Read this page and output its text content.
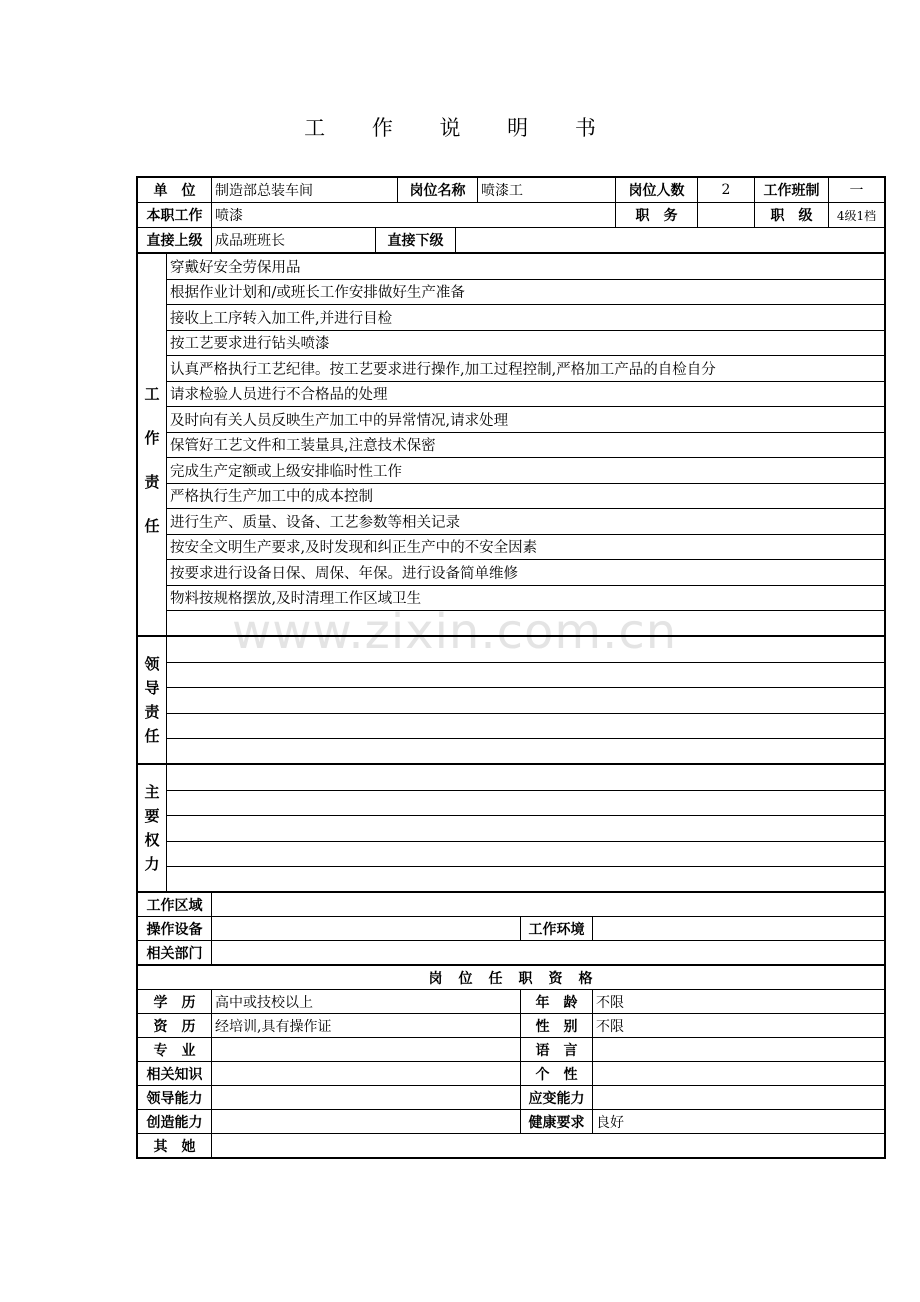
工 作 说 明 书
www.zixin.com.cn
单　位	制造部总装车间	岗位名称	喷漆工	岗位人数	2	工作班制	一
本职工作 喷漆	职　务	职　级	4级1档
直接上级 成品班班长	直接下级
工
作
责
任
穿戴好安全劳保用品
根据作业计划和/或班长工作安排做好生产准备
接收上工序转入加工件,并进行目检
按工艺要求进行钻头喷漆
认真严格执行工艺纪律。按工艺要求进行操作,加工过程控制,严格加工产品的自检自分
请求检验人员进行不合格品的处理
及时向有关人员反映生产加工中的异常情况,请求处理
保管好工艺文件和工装量具,注意技术保密
完成生产定额或上级安排临时性工作
严格执行生产加工中的成本控制
进行生产、质量、设备、工艺参数等相关记录
按安全文明生产要求,及时发现和纠正生产中的不安全因素
按要求进行设备日保、周保、年保。进行设备简单维修
物料按规格摆放,及时清理工作区域卫生
领
导
责
任
主
要
权
力
工作区域
操作设备	工作环境
相关部门
岗　位　任　职　资　格
学　历	高中或技校以上	年　龄	不限
资　历	经培训,具有操作证	性　别	不限
专　业	语　言
相关知识	个　性
领导能力	应变能力
创造能力	健康要求 良好
其　她
